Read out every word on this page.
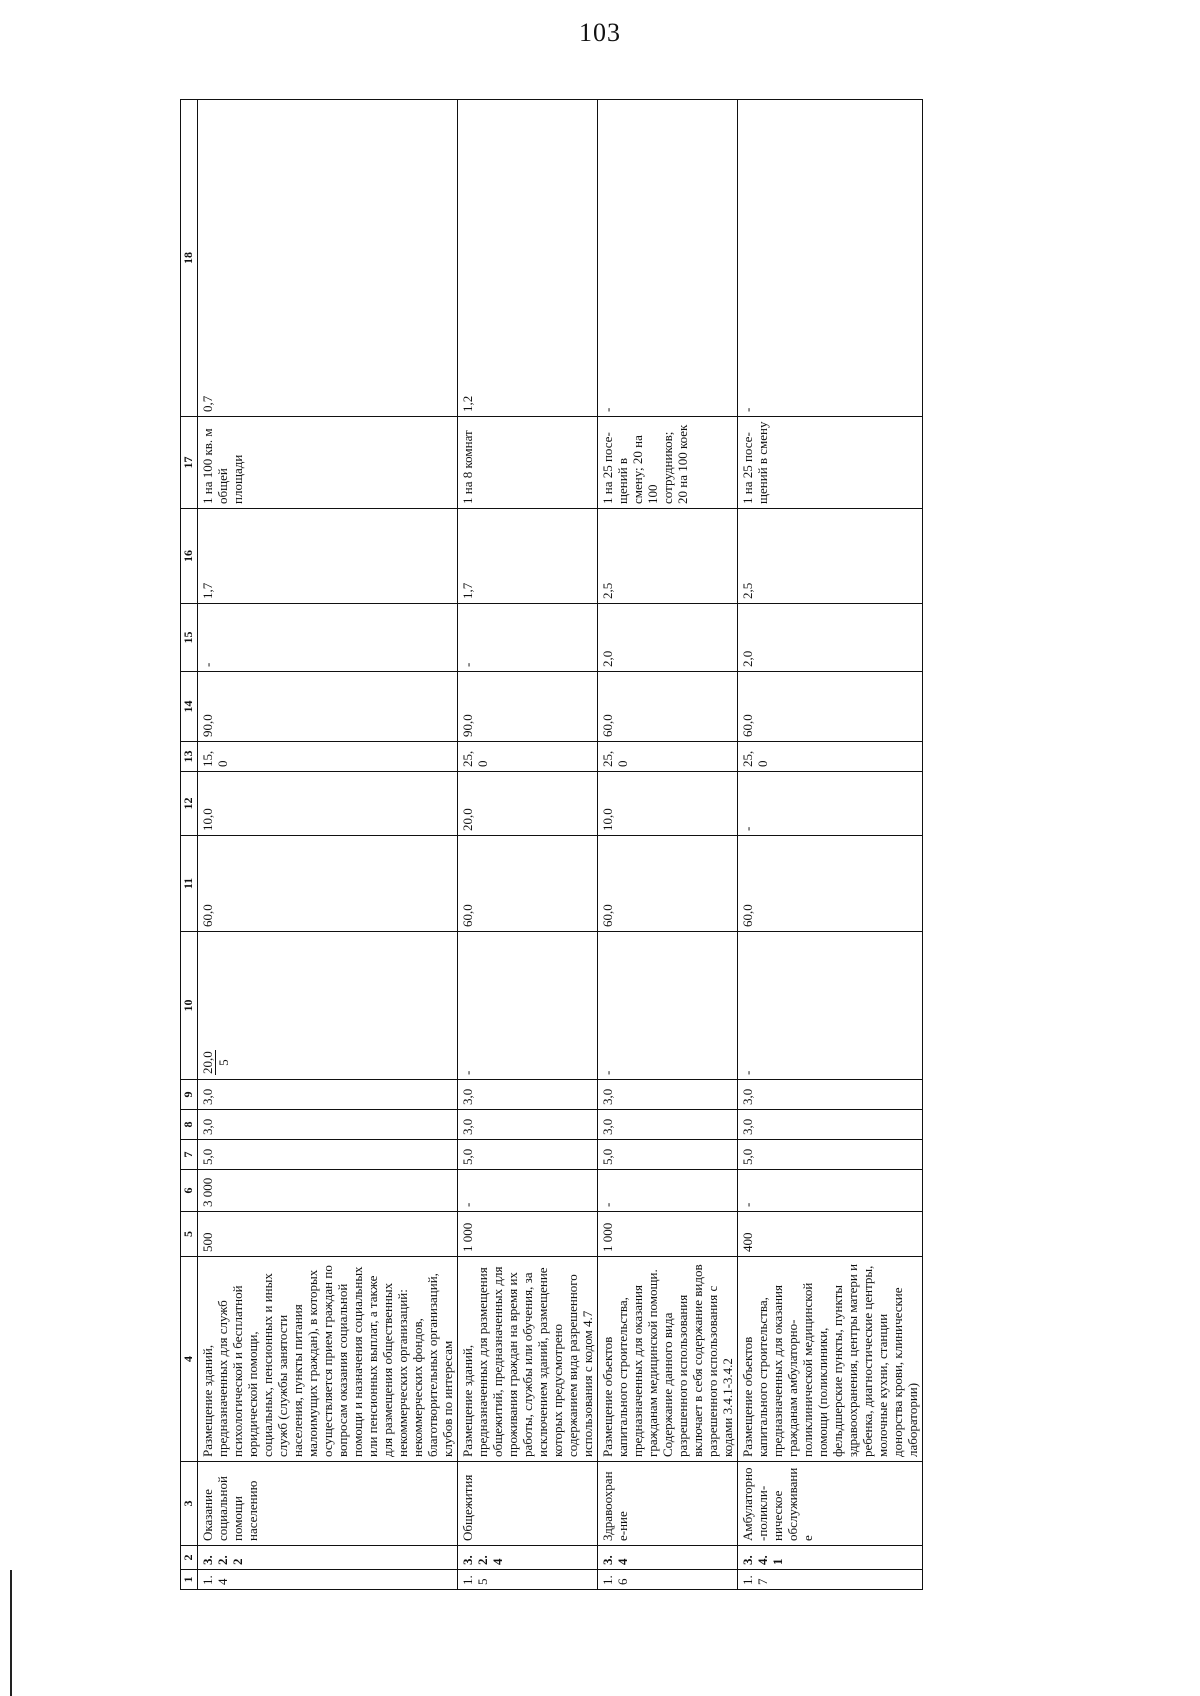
103
1	2	3	4	5	6	7	8	9	10	11	12	13	14	15	16	17	18
1.4	3.2.2	Оказание социальной помощи населению	Размещение зданий, предназначенных для служб психологической и бесплатной юридической помощи, социальных, пенсионных и иных служб (службы занятости населения, пункты питания малоимущих граждан), в которых осуществляется прием граждан по вопросам оказания социальной помощи и назначения социальных или пенсионных выплат, а также для размещения общественных некоммерческих организаций: некоммерческих фондов, благотворительных организаций, клубов по интересам	500	3 000	5,0	3,0	3,0	20,0 5	60,0	10,0	15,0	90,0	-	1,7	1 на 100 кв. м общей площади	0,7
1.5	3.2.4	Общежития	Размещение зданий, предназначенных для размещения общежитий, предназначенных для проживания граждан на время их работы, службы или обучения, за исключением зданий, размещение которых предусмотрено содержанием вида разрешенного использования с кодом 4.7	1 000	-	5,0	3,0	3,0	-	60,0	20,0	25,0	90,0	-	1,7	1 на 8 комнат	1,2
1.6	3.4	Здравоохране-ние	Размещение объектов капитального строительства, предназначенных для оказания гражданам медицинской помощи. Содержание данного вида разрешенного использования включает в себя содержание видов разрешенного использования с кодами 3.4.1-3.4.2	1 000	-	5,0	3,0	3,0	-	60,0	10,0	25,0	60,0	2,0	2,5	1 на 25 посе-щений в смену; 20 на 100 сотрудников; 20 на 100 коек	-
1.7	3.4.1	Амбулаторно-поликли-ническое обслуживание	Размещение объектов капитального строительства, предназначенных для оказания гражданам амбулаторно-поликлинической медицинской помощи (поликлиники, фельдшерские пункты, пункты здравоохранения, центры матери и ребенка, диагностические центры, молочные кухни, станции донорства крови, клинические лаборатории)	400	-	5,0	3,0	3,0	-	60,0	-	25,0	60,0	2,0	2,5	1 на 25 посе-щений в смену	-
